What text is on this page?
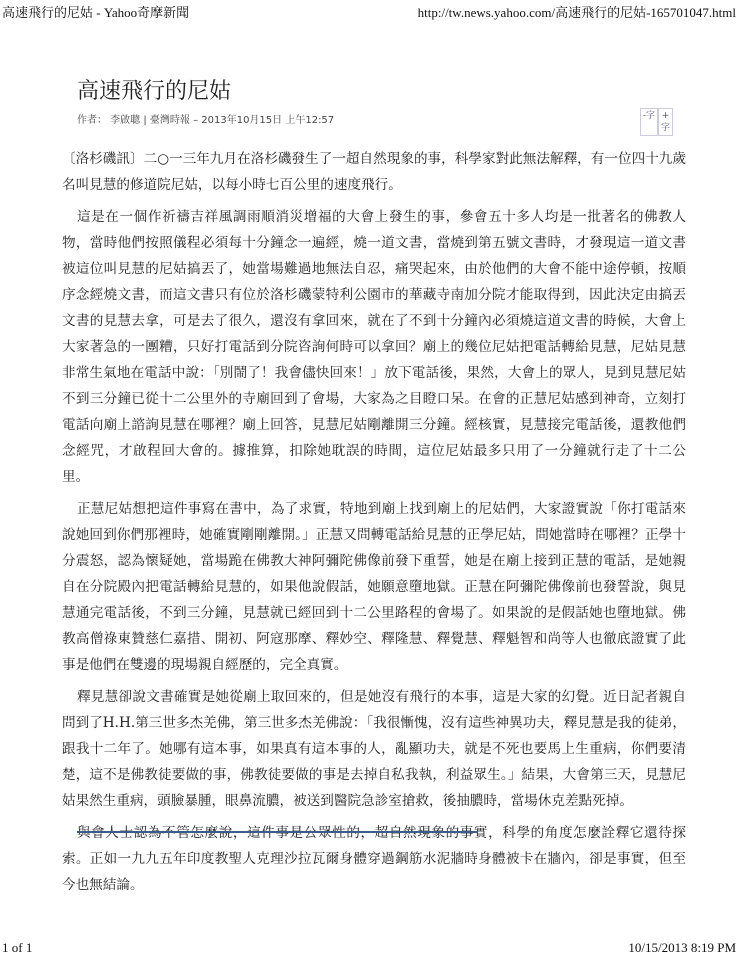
高速飛行的尼姑 - Yahoo奇摩新聞	http://tw.news.yahoo.com/高速飛行的尼姑-165701047.html
高速飛行的尼姑
作者： 李啟聰 | 臺灣時報 – 2013年10月15日 上午12:57	-字 +
字

〔洛杉磯訊〕二○一三年九月在洛杉磯發生了一超自然現象的事，科學家對此無法解釋，有一位四十九歲名叫見慧的修道院尼姑，以每小時七百公里的速度飛行。

這是在一個作祈禱吉祥風調雨順消災增福的大會上發生的事，參會五十多人均是一批著名的佛教人物，當時他們按照儀程必須每十分鐘念一遍經，燒一道文書，當燒到第五號文書時，才發現這一道文書被這位叫見慧的尼姑搞丟了，她當場難過地無法自忍，痛哭起來，由於他們的大會不能中途停頓，按順序念經燒文書，而這文書只有位於洛杉磯蒙特利公園市的華藏寺南加分院才能取得到，因此決定由搞丟文書的見慧去拿，可是去了很久，還沒有拿回來，就在了不到十分鐘內必須燒這道文書的時候，大會上大家著急的一團糟，只好打電話到分院咨詢何時可以拿回？廟上的幾位尼姑把電話轉給見慧，尼姑見慧非常生氣地在電話中說：「別鬧了！我會儘快回來！」放下電話後，果然，大會上的眾人，見到見慧尼姑不到三分鐘已從十二公里外的寺廟回到了會場，大家為之目瞪口呆。在會的正慧尼姑感到神奇，立刻打電話向廟上諮詢見慧在哪裡？廟上回答，見慧尼姑剛離開三分鐘。經核實，見慧接完電話後，還教他們念經咒，才啟程回大會的。據推算，扣除她耽誤的時間，這位尼姑最多只用了一分鐘就行走了十二公里。

正慧尼姑想把這件事寫在書中，為了求實，特地到廟上找到廟上的尼姑們，大家證實說「你打電話來說她回到你們那裡時，她確實剛剛離開。」正慧又問轉電話給見慧的正學尼姑，問她當時在哪裡？正學十分震怒，認為懷疑她，當場跪在佛教大神阿彌陀佛像前發下重誓，她是在廟上接到正慧的電話，是她親自在分院殿內把電話轉給見慧的，如果他說假話，她願意墮地獄。正慧在阿彌陀佛像前也發誓說，與見慧通完電話後，不到三分鐘，見慧就已經回到十二公里路程的會場了。如果說的是假話她也墮地獄。佛教高僧祿東贊慈仁嘉措、開初、阿寇那摩、釋妙空、釋隆慧、釋覺慧、釋魁智和尚等人也徹底證實了此事是他們在雙邊的現場親自經歷的，完全真實。

釋見慧卻說文書確實是她從廟上取回來的，但是她沒有飛行的本事，這是大家的幻覺。近日記者親自問到了H.H.第三世多杰羌佛，第三世多杰羌佛說：「我很慚愧，沒有這些神異功夫，釋見慧是我的徒弟，跟我十二年了。她哪有這本事，如果真有這本事的人，亂顯功夫，就是不死也要馬上生重病，你們要清楚，這不是佛教徒要做的事，佛教徒要做的事是去掉自私我執，利益眾生。」結果，大會第三天，見慧尼姑果然生重病，頭臉暴腫，眼鼻流膿，被送到醫院急診室搶救，後抽膿時，當場休克差點死掉。

與會人士認為不管怎麼說，這件事是公眾性的，超自然現象的事實，科學的角度怎麼詮釋它還待探索。正如一九九五年印度教聖人克理沙拉瓦爾身體穿過鋼筋水泥牆時身體被卡在牆內，卻是事實，但至今也無結論。

1 of 1	10/15/2013 8:19 PM
